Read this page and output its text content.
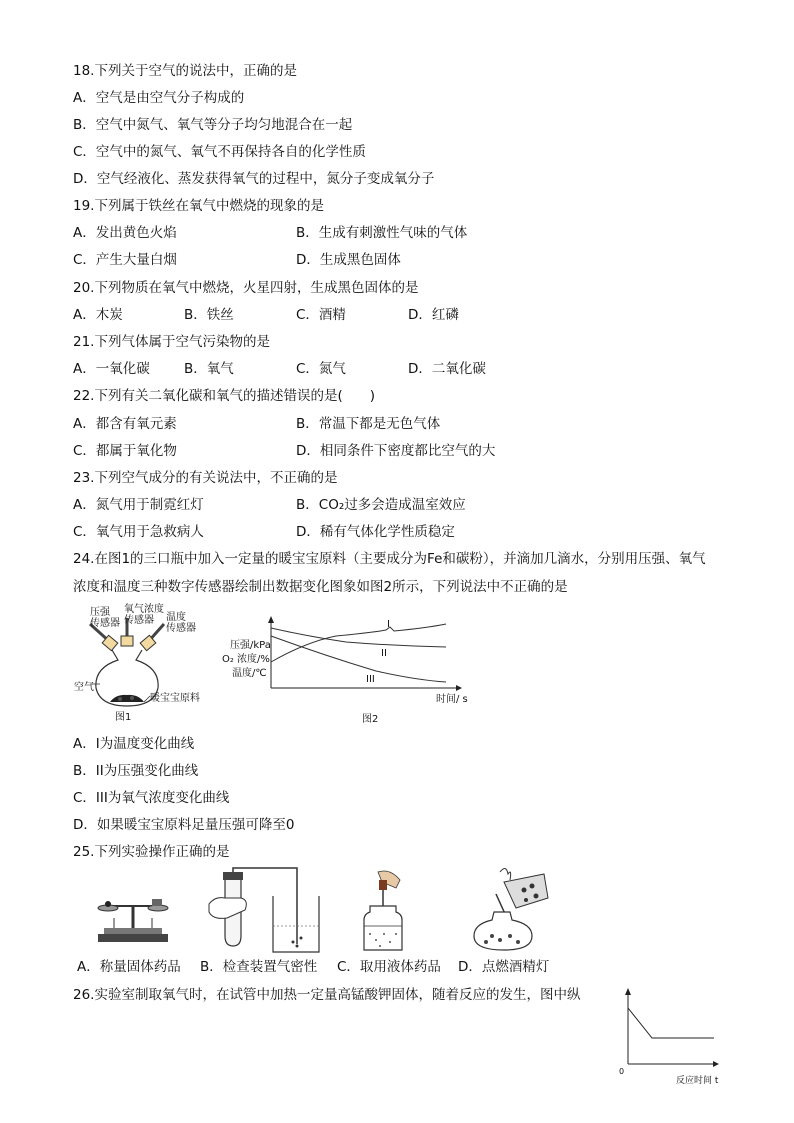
18.下列关于空气的说法中，正确的是
A．空气是由空气分子构成的
B．空气中氮气、氧气等分子均匀地混合在一起
C．空气中的氮气、氧气不再保持各自的化学性质
D．空气经液化、蒸发获得氧气的过程中，氮分子变成氧分子
19.下列属于铁丝在氧气中燃烧的现象的是
A．发出黄色火焰	B．生成有刺激性气味的气体
C．产生大量白烟	D．生成黑色固体
20.下列物质在氧气中燃烧，火星四射，生成黑色固体的是
A．木炭	B．铁丝	C．酒精	D．红磷
21.下列气体属于空气污染物的是
A．一氧化碳	B．氧气	C．氮气	D．二氧化碳
22.下列有关二氧化碳和氧气的描述错误的是(　　)
A．都含有氧元素	B．常温下都是无色气体
C．都属于氧化物	D．相同条件下密度都比空气的大
23.下列空气成分的有关说法中，不正确的是
A．氮气用于制霓红灯	B．CO₂过多会造成温室效应
C．氧气用于急救病人	D．稀有气体化学性质稳定
24.在图1的三口瓶中加入一定量的暖宝宝原料（主要成分为Fe和碳粉），并滴加几滴水，分别用压强、氧气
浓度和温度三种数字传感器绘制出数据变化图象如图2所示，下列说法中不正确的是
压强
传感器
氧气浓度
传感器	温度
传感器
空气
暖宝宝原料
图1
压强/kPa
O₂ 浓度/%
温度/℃
I
II
III
时间/ s
图2
A．I为温度变化曲线
B．II为压强变化曲线
C．III为氧气浓度变化曲线
D．如果暖宝宝原料足量压强可降至0
25.下列实验操作正确的是
A．称量固体药品 B．检查装置气密性 C．取用液体药品 D．点燃酒精灯
26.实验室制取氧气时，在试管中加热一定量高锰酸钾固体，随着反应的发生，图中纵
0
反应时间 t
